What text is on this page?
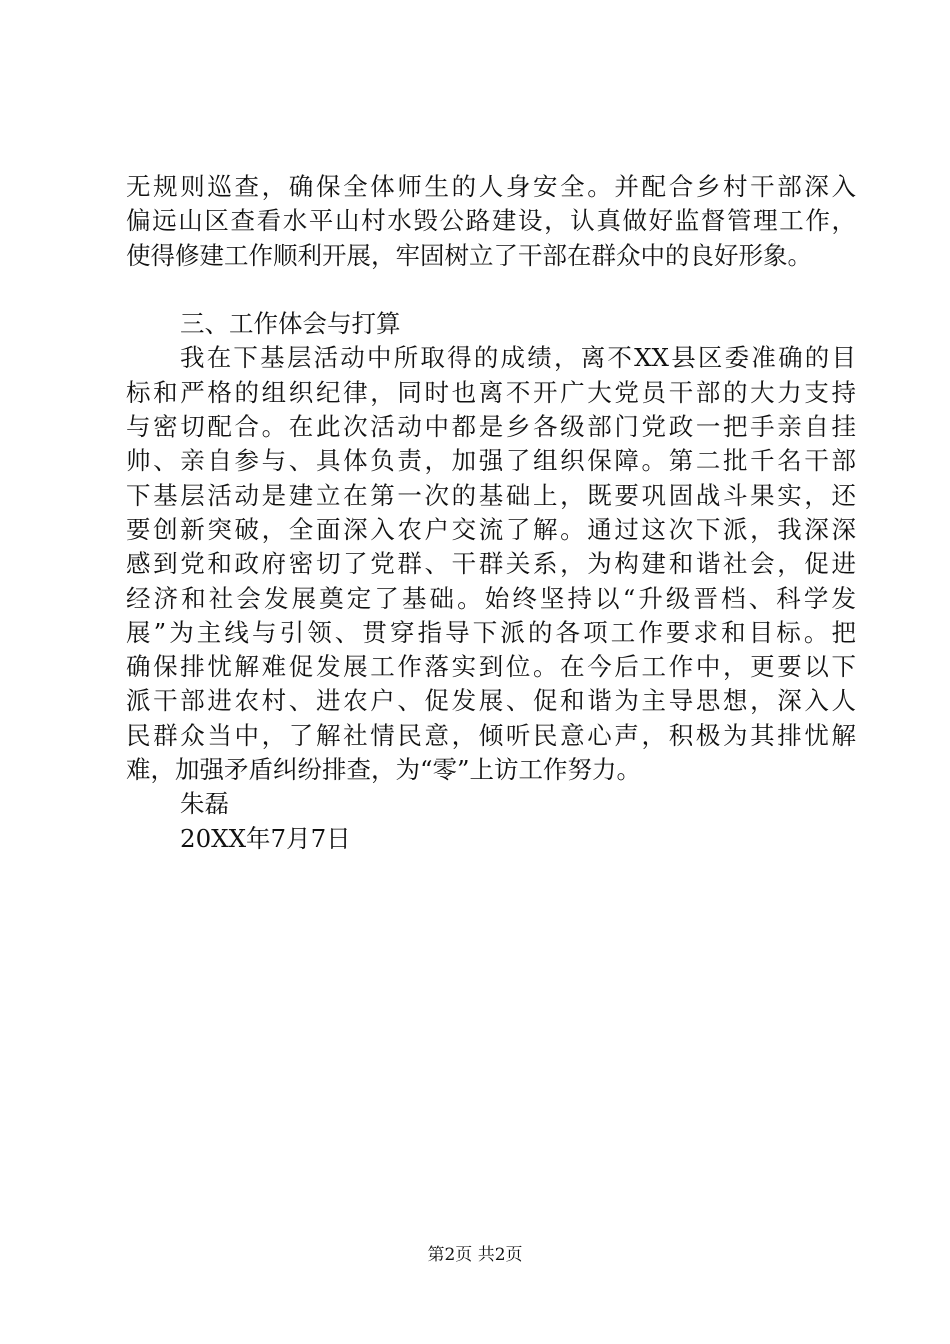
无规则巡查，确保全体师生的人身安全。并配合乡村干部深入
偏远山区查看水平山村水毁公路建设，认真做好监督管理工作，
使得修建工作顺利开展，牢固树立了干部在群众中的良好形象。
三、工作体会与打算
我在下基层活动中所取得的成绩，离不XX县区委准确的目
标和严格的组织纪律，同时也离不开广大党员干部的大力支持
与密切配合。在此次活动中都是乡各级部门党政一把手亲自挂
帅、亲自参与、具体负责，加强了组织保障。第二批千名干部
下基层活动是建立在第一次的基础上，既要巩固战斗果实，还
要创新突破，全面深入农户交流了解。通过这次下派，我深深
感到党和政府密切了党群、干群关系，为构建和谐社会，促进
经济和社会发展奠定了基础。始终坚持以“升级晋档、科学发
展”为主线与引领、贯穿指导下派的各项工作要求和目标。把
确保排忧解难促发展工作落实到位。在今后工作中，更要以下
派干部进农村、进农户、促发展、促和谐为主导思想，深入人
民群众当中，了解社情民意，倾听民意心声，积极为其排忧解
难，加强矛盾纠纷排查，为“零”上访工作努力。
朱磊
20XX年7月7日
第2页 共2页
